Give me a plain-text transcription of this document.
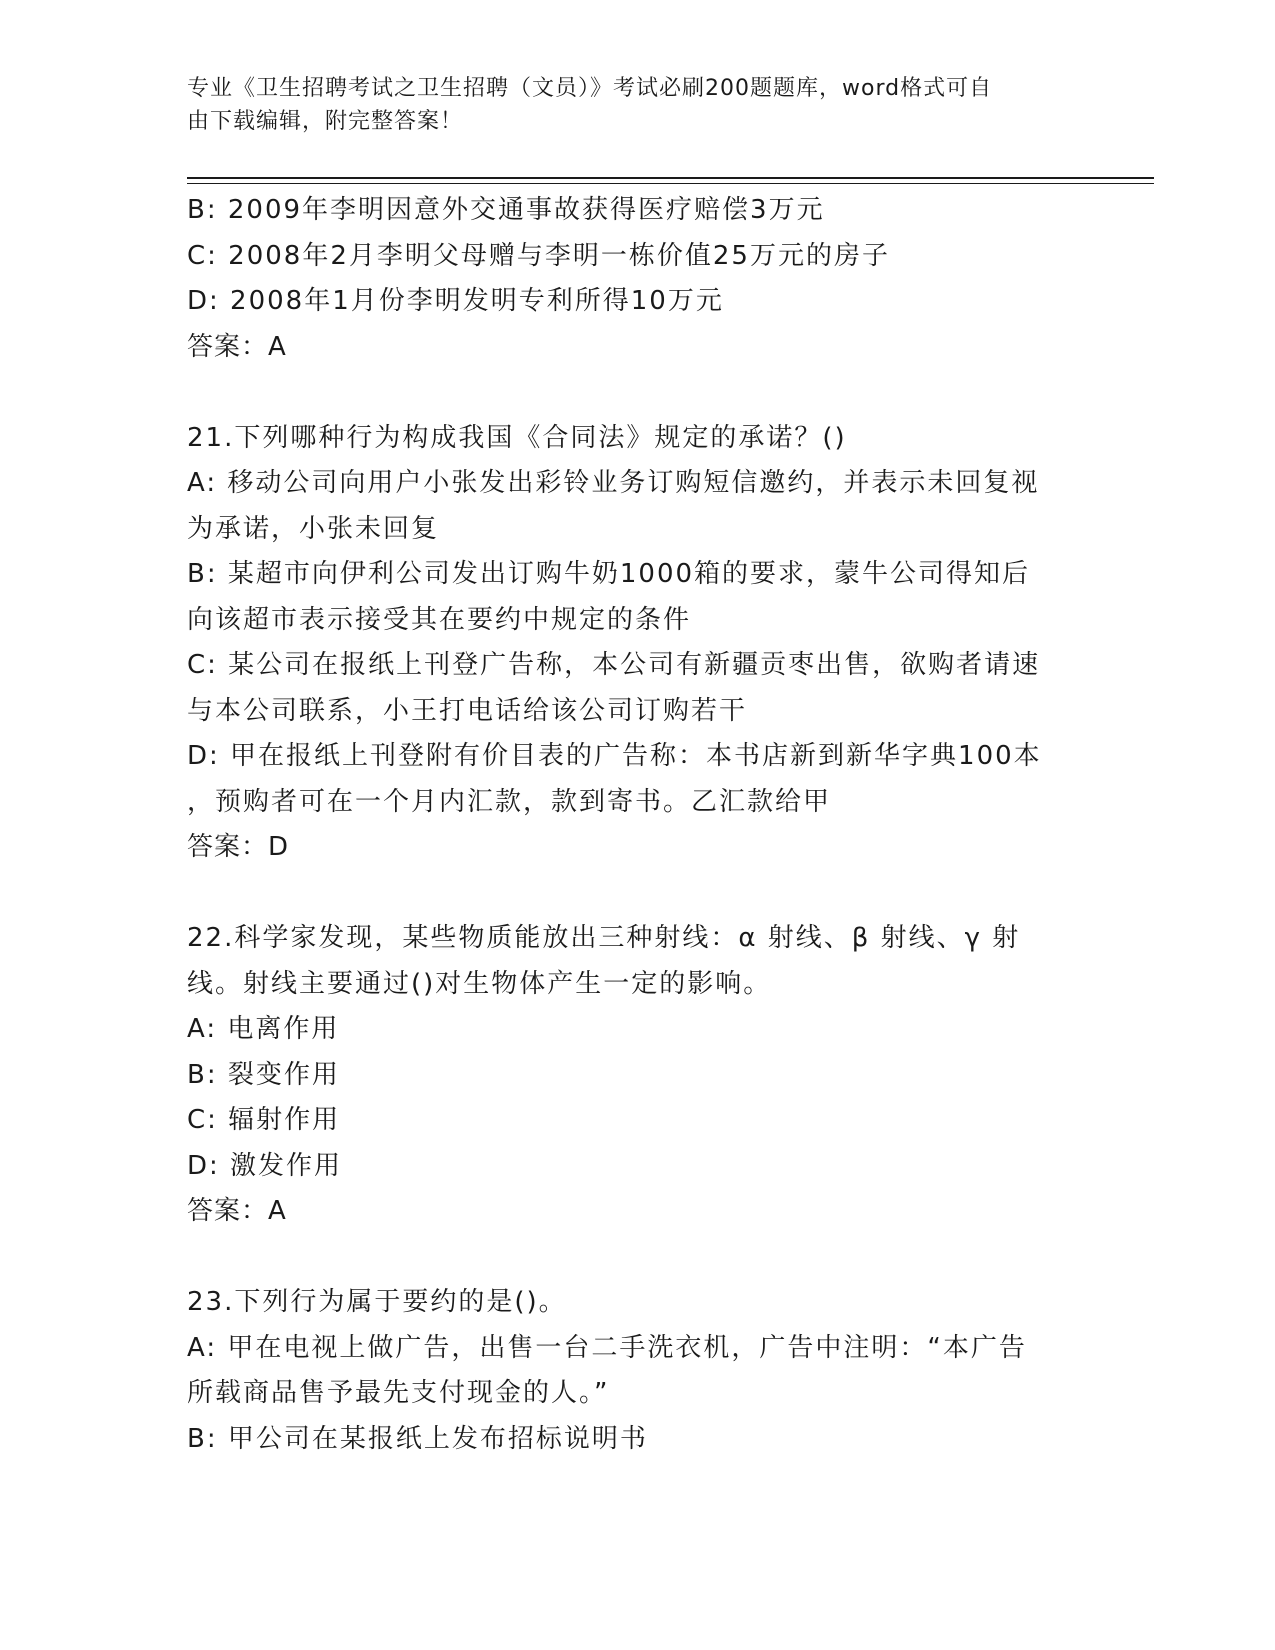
专业《卫生招聘考试之卫生招聘（文员）》考试必刷200题题库，word格式可自
由下载编辑，附完整答案！
B: 2009年李明因意外交通事故获得医疗赔偿3万元
C: 2008年2月李明父母赠与李明一栋价值25万元的房子
D: 2008年1月份李明发明专利所得10万元
答案：A
21.下列哪种行为构成我国《合同法》规定的承诺？()
A: 移动公司向用户小张发出彩铃业务订购短信邀约，并表示未回复视
为承诺，小张未回复
B: 某超市向伊利公司发出订购牛奶1000箱的要求，蒙牛公司得知后
向该超市表示接受其在要约中规定的条件
C: 某公司在报纸上刊登广告称，本公司有新疆贡枣出售，欲购者请速
与本公司联系，小王打电话给该公司订购若干
D: 甲在报纸上刊登附有价目表的广告称：本书店新到新华字典100本
，预购者可在一个月内汇款，款到寄书。乙汇款给甲
答案：D
22.科学家发现，某些物质能放出三种射线：α 射线、β 射线、γ 射
线。射线主要通过()对生物体产生一定的影响。
A: 电离作用
B: 裂变作用
C: 辐射作用
D: 激发作用
答案：A
23.下列行为属于要约的是()。
A: 甲在电视上做广告，出售一台二手洗衣机，广告中注明：“本广告
所载商品售予最先支付现金的人。”
B: 甲公司在某报纸上发布招标说明书
